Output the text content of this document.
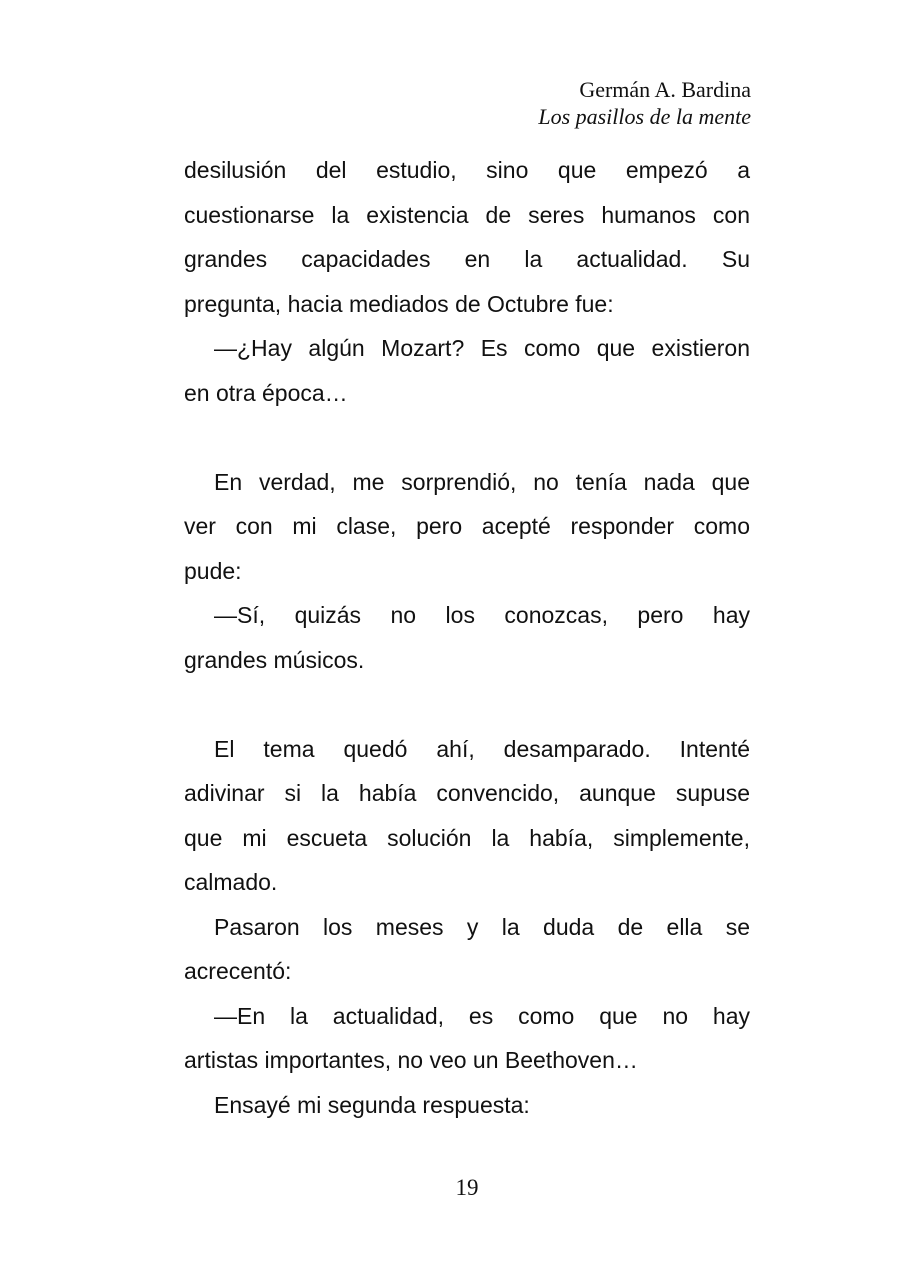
Germán A. Bardina
Los pasillos de la mente
desilusión del estudio, sino que empezó a
cuestionarse la existencia de seres humanos con
grandes capacidades en la actualidad. Su
pregunta, hacia mediados de Octubre fue:
—¿Hay algún Mozart? Es como que existieron
en otra época…
En verdad, me sorprendió, no tenía nada que
ver con mi clase, pero acepté responder como
pude:
—Sí, quizás no los conozcas, pero hay
grandes músicos.
El tema quedó ahí, desamparado. Intenté
adivinar si la había convencido, aunque supuse
que mi escueta solución la había, simplemente,
calmado.
Pasaron los meses y la duda de ella se
acrecentó:
—En la actualidad, es como que no hay
artistas importantes, no veo un Beethoven…
Ensayé mi segunda respuesta:
19
